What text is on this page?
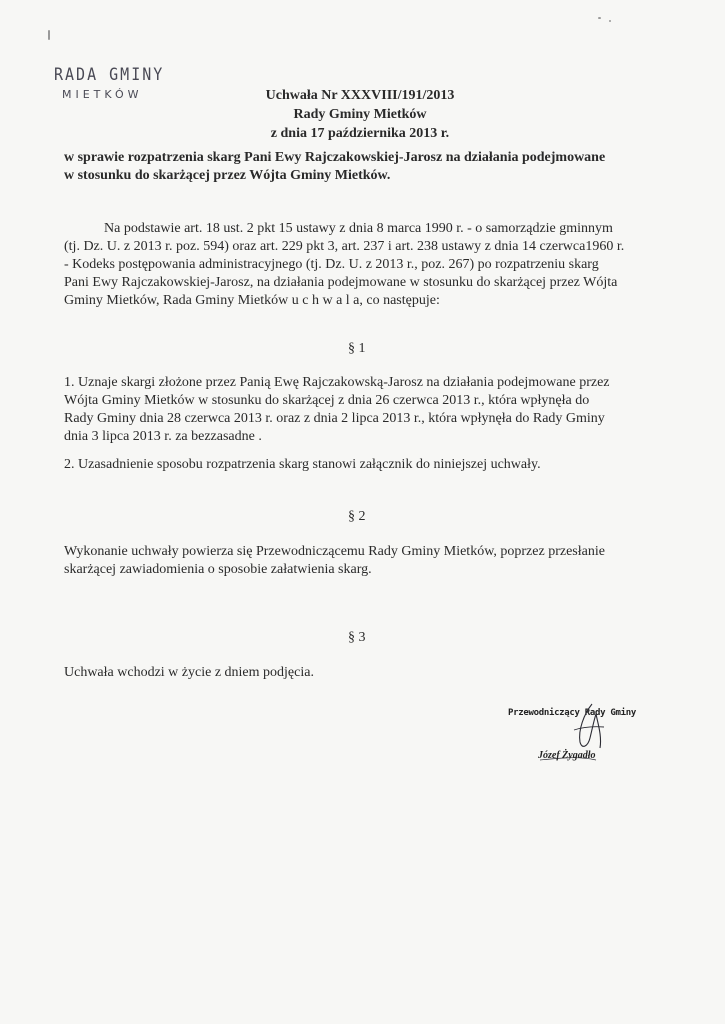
RADA GMINY
MIETKÓW	Uchwała Nr XXXVIII/191/2013
Rady Gminy Mietków
z dnia 17 października 2013 r.
w sprawie rozpatrzenia skarg Pani Ewy Rajczakowskiej-Jarosz na działania podejmowane
w stosunku do skarżącej przez Wójta Gminy Mietków.
Na podstawie art. 18 ust. 2 pkt 15 ustawy z dnia 8 marca 1990 r. - o samorządzie gminnym
(tj. Dz. U. z 2013 r. poz. 594) oraz art. 229 pkt 3, art. 237 i art. 238 ustawy z dnia 14 czerwca1960 r.
- Kodeks postępowania administracyjnego (tj. Dz. U. z 2013 r., poz. 267) po rozpatrzeniu skarg
Pani Ewy Rajczakowskiej-Jarosz, na działania podejmowane w stosunku do skarżącej przez Wójta
Gminy Mietków, Rada Gminy Mietków u c h w a l a, co następuje:
§ 1
1. Uznaje skargi złożone przez Panią Ewę Rajczakowską-Jarosz na działania podejmowane przez
Wójta Gminy Mietków w stosunku do skarżącej z dnia 26 czerwca 2013 r., która wpłynęła do
Rady Gminy dnia 28 czerwca 2013 r. oraz z dnia 2 lipca 2013 r., która wpłynęła do Rady Gminy
dnia 3 lipca 2013 r. za bezzasadne .
2. Uzasadnienie sposobu rozpatrzenia skarg stanowi załącznik do niniejszej uchwały.
§ 2
Wykonanie uchwały powierza się Przewodniczącemu Rady Gminy Mietków, poprzez przesłanie
skarżącej zawiadomienia o sposobie załatwienia skarg.
§ 3
Uchwała wchodzi w życie z dniem podjęcia.
Przewodniczący Rady Gminy
Józef Żygadło
